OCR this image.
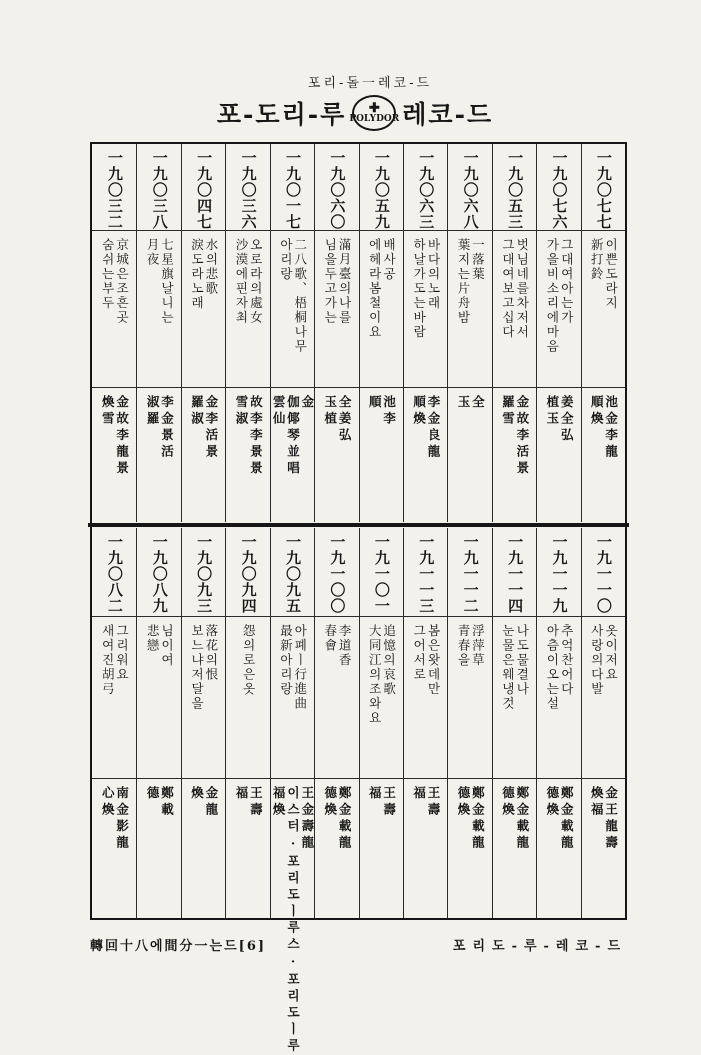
포리-돌一레코-드
포-도리-루 ✚
POLYDOR 레코-드
一九〇三二
숨쉬는부두 京城은조흔곳
煥雪 金故李龍景
一九〇三八
月夜 七星旗날니는
淑羅 李金景活
一九〇四七
淚도라노래 水의悲歌
羅淑 金李活景
一九〇三六
沙漠에핀자최 오로라의處女
雪淑 故李李景景
一九〇一七
아리랑 二八歌、梧桐나무
雲仙 伽倻琴並唱 金
一九〇六〇
님을두고가는 滿月臺의나를
玉植 全姜弘
一九〇五九
에헤라봄철이요 배사공
順 池李
一九〇六三
하날가도는바람 바다의노래
順煥 李金良龍
一九〇六八
葉지는片舟밤 一落葉
玉 全
一九〇五三
그대여보고십다 벗님네를차저서
羅雪 金故李活景
一九〇七六
가을비소리에마음 그대여아는가
植玉 姜全弘
一九〇七七
新打鈴 이쁜도라지
順煥 池金李龍
一九〇八二
새여진胡弓 그리워요
心煥 南金影龍
一九〇八九
悲戀 님이여
德 鄭載
一九〇九三
보느냐저달을 落花의恨
煥 金龍
一九〇九四
怨의로은옷
福 王壽
一九〇九五
最新아리랑 아폐ㅣ行進曲
福煥 이스터·포리도ㅣ루스·포리도ㅣ루 王金壽龍
一九一〇〇
春會 李道香
德煥 鄭金載龍
一九一〇一
大同江의조와요 追憶의哀歌
福 王壽
一九一一三
그어서로 봄은왓데만
福 王壽
一九一一二
青春을 浮萍草
德煥 鄭金載龍
一九一一四
눈물은웨냉것 나도물결나
德煥 鄭金載龍
一九一一九
아츰이오는설 추억찬어다
德煥 鄭金載龍
一九一一〇
사랑의다발 옷이저요
煥福 金王龍壽
轉回十八에間分一는드[6]	포리도-루-레코-드
